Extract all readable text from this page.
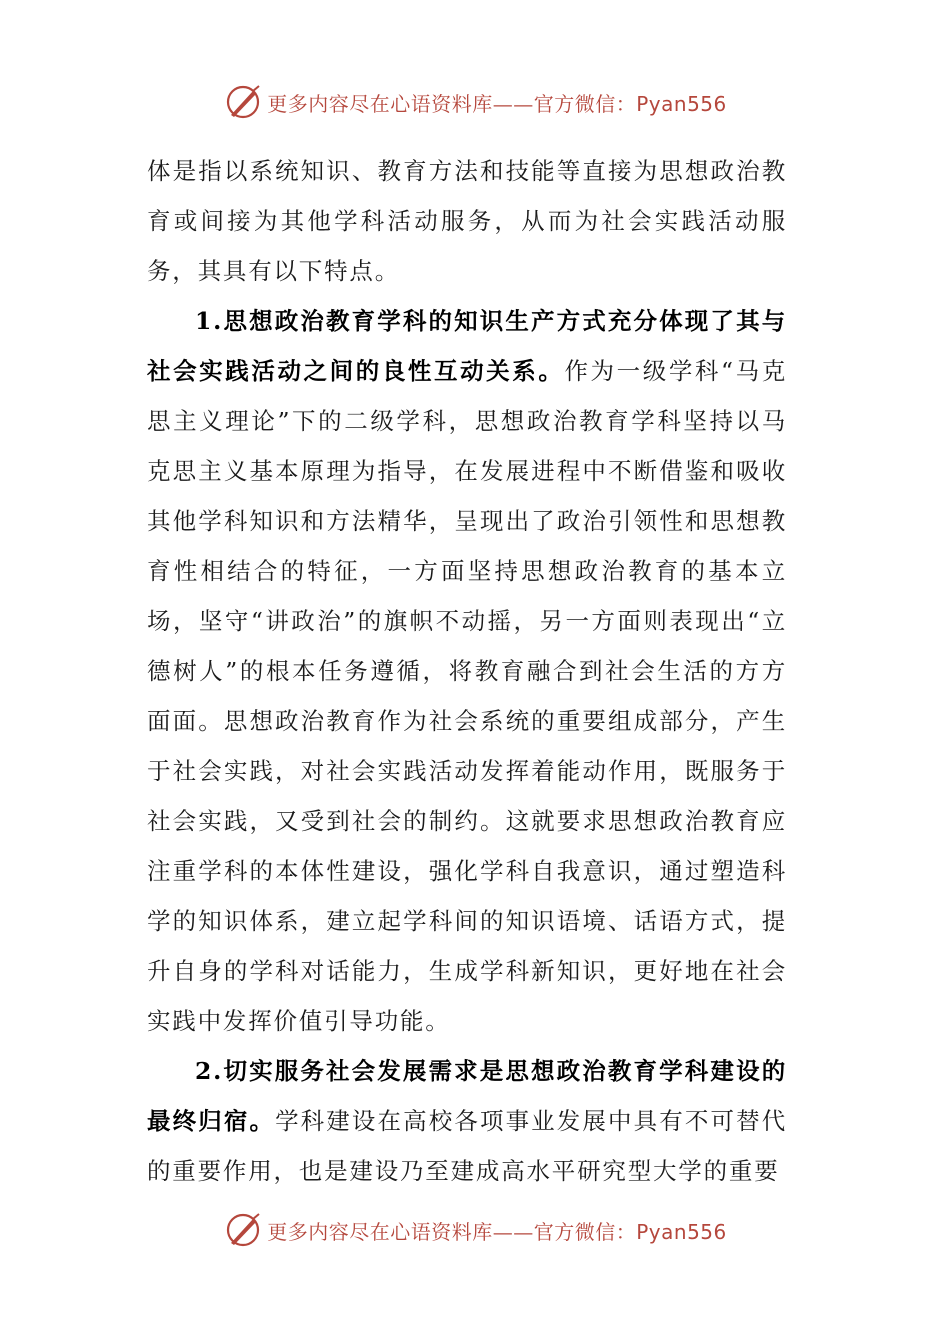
更多内容尽在心语资料库——官方微信：Pyan556

体是指以系统知识、教育方法和技能等直接为思想政治教育或间接为其他学科活动服务，从而为社会实践活动服务，其具有以下特点。

1.思想政治教育学科的知识生产方式充分体现了其与社会实践活动之间的良性互动关系。作为一级学科“马克思主义理论”下的二级学科，思想政治教育学科坚持以马克思主义基本原理为指导，在发展进程中不断借鉴和吸收其他学科知识和方法精华，呈现出了政治引领性和思想教育性相结合的特征，一方面坚持思想政治教育的基本立场，坚守“讲政治”的旗帜不动摇，另一方面则表现出“立德树人”的根本任务遵循，将教育融合到社会生活的方方面面。思想政治教育作为社会系统的重要组成部分，产生于社会实践，对社会实践活动发挥着能动作用，既服务于社会实践，又受到社会的制约。这就要求思想政治教育应注重学科的本体性建设，强化学科自我意识，通过塑造科学的知识体系，建立起学科间的知识语境、话语方式，提升自身的学科对话能力，生成学科新知识，更好地在社会实践中发挥价值引导功能。

2.切实服务社会发展需求是思想政治教育学科建设的最终归宿。学科建设在高校各项事业发展中具有不可替代的重要作用，也是建设乃至建成高水平研究型大学的重要

更多内容尽在心语资料库——官方微信：Pyan556
